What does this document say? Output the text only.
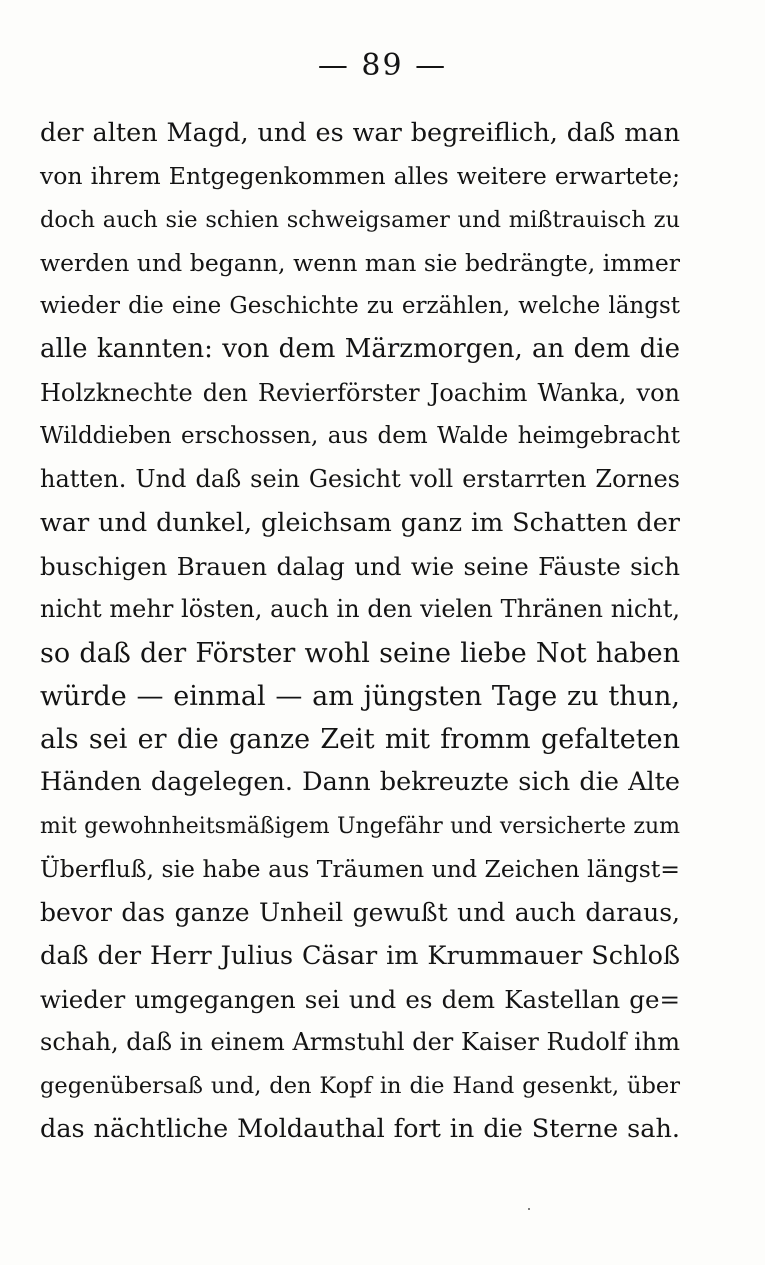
— 89 —
der alten Magd, und es war begreiflich, daß man
von ihrem Entgegenkommen alles weitere erwartete;
doch auch sie schien schweigsamer und mißtrauisch zu
werden und begann, wenn man sie bedrängte, immer
wieder die eine Geschichte zu erzählen, welche längst
alle kannten: von dem Märzmorgen, an dem die
Holzknechte den Revierförster Joachim Wanka, von
Wilddieben erschossen, aus dem Walde heimgebracht
hatten. Und daß sein Gesicht voll erstarrten Zornes
war und dunkel, gleichsam ganz im Schatten der
buschigen Brauen dalag und wie seine Fäuste sich
nicht mehr lösten, auch in den vielen Thränen nicht,
so daß der Förster wohl seine liebe Not haben
würde — einmal — am jüngsten Tage zu thun,
als sei er die ganze Zeit mit fromm gefalteten
Händen dagelegen. Dann bekreuzte sich die Alte
mit gewohnheitsmäßigem Ungefähr und versicherte zum
Überfluß, sie habe aus Träumen und Zeichen längst=
bevor das ganze Unheil gewußt und auch daraus,
daß der Herr Julius Cäsar im Krummauer Schloß
wieder umgegangen sei und es dem Kastellan ge=
schah, daß in einem Armstuhl der Kaiser Rudolf ihm
gegenübersaß und, den Kopf in die Hand gesenkt, über
das nächtliche Moldauthal fort in die Sterne sah.
